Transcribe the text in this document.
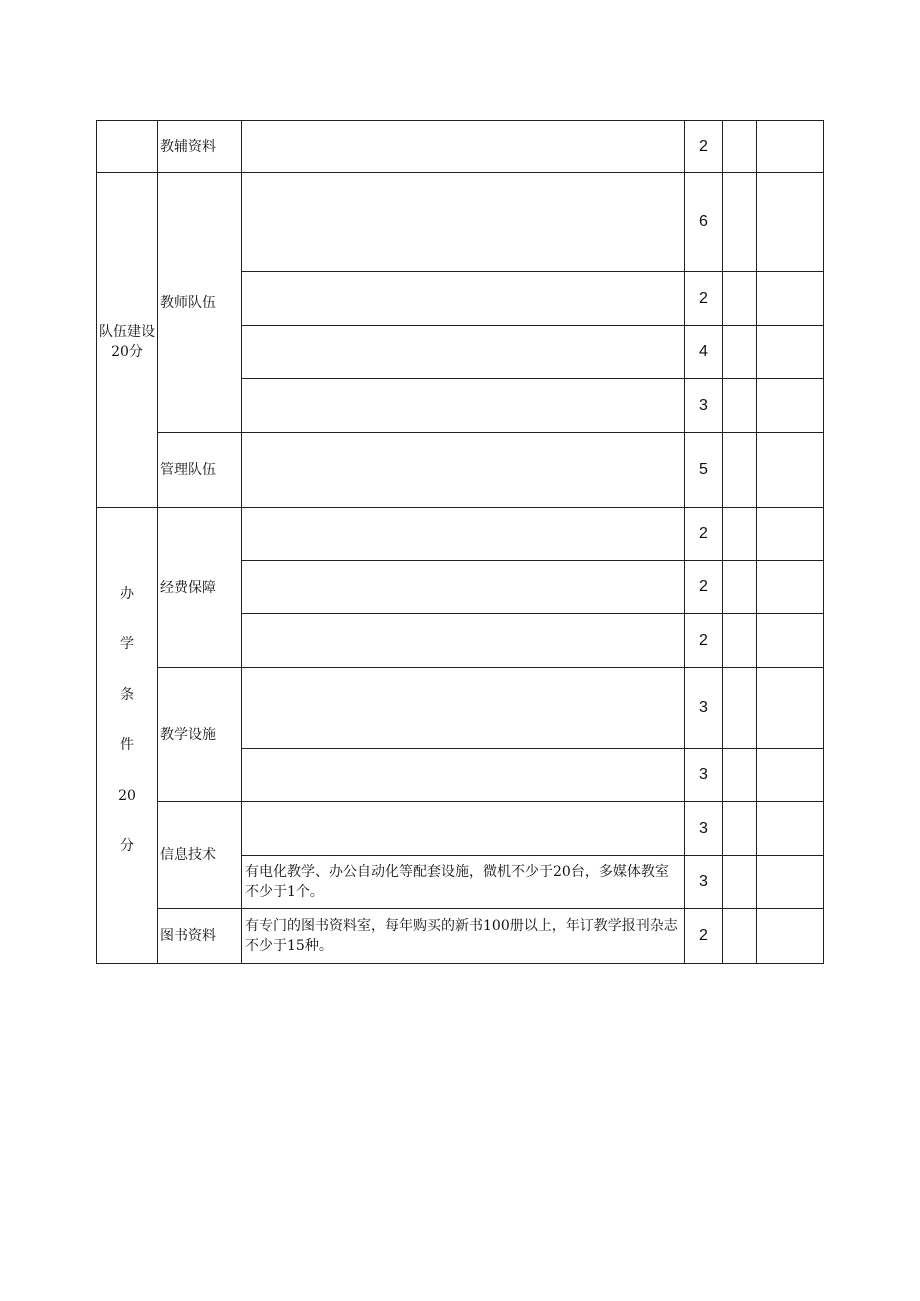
队伍建设20分
办
学
条
件
20
分
教辅资料
教师队伍
管理队伍
经费保障
教学设施
信息技术
图书资料
有电化教学、办公自动化等配套设施，微机不少于20台，多媒体教室不少于1个。
有专门的图书资料室，每年购买的新书100册以上，年订教学报刊杂志不少于15种。
2
6
2
4
3
5
2
2
2
3
3
3
3
2
